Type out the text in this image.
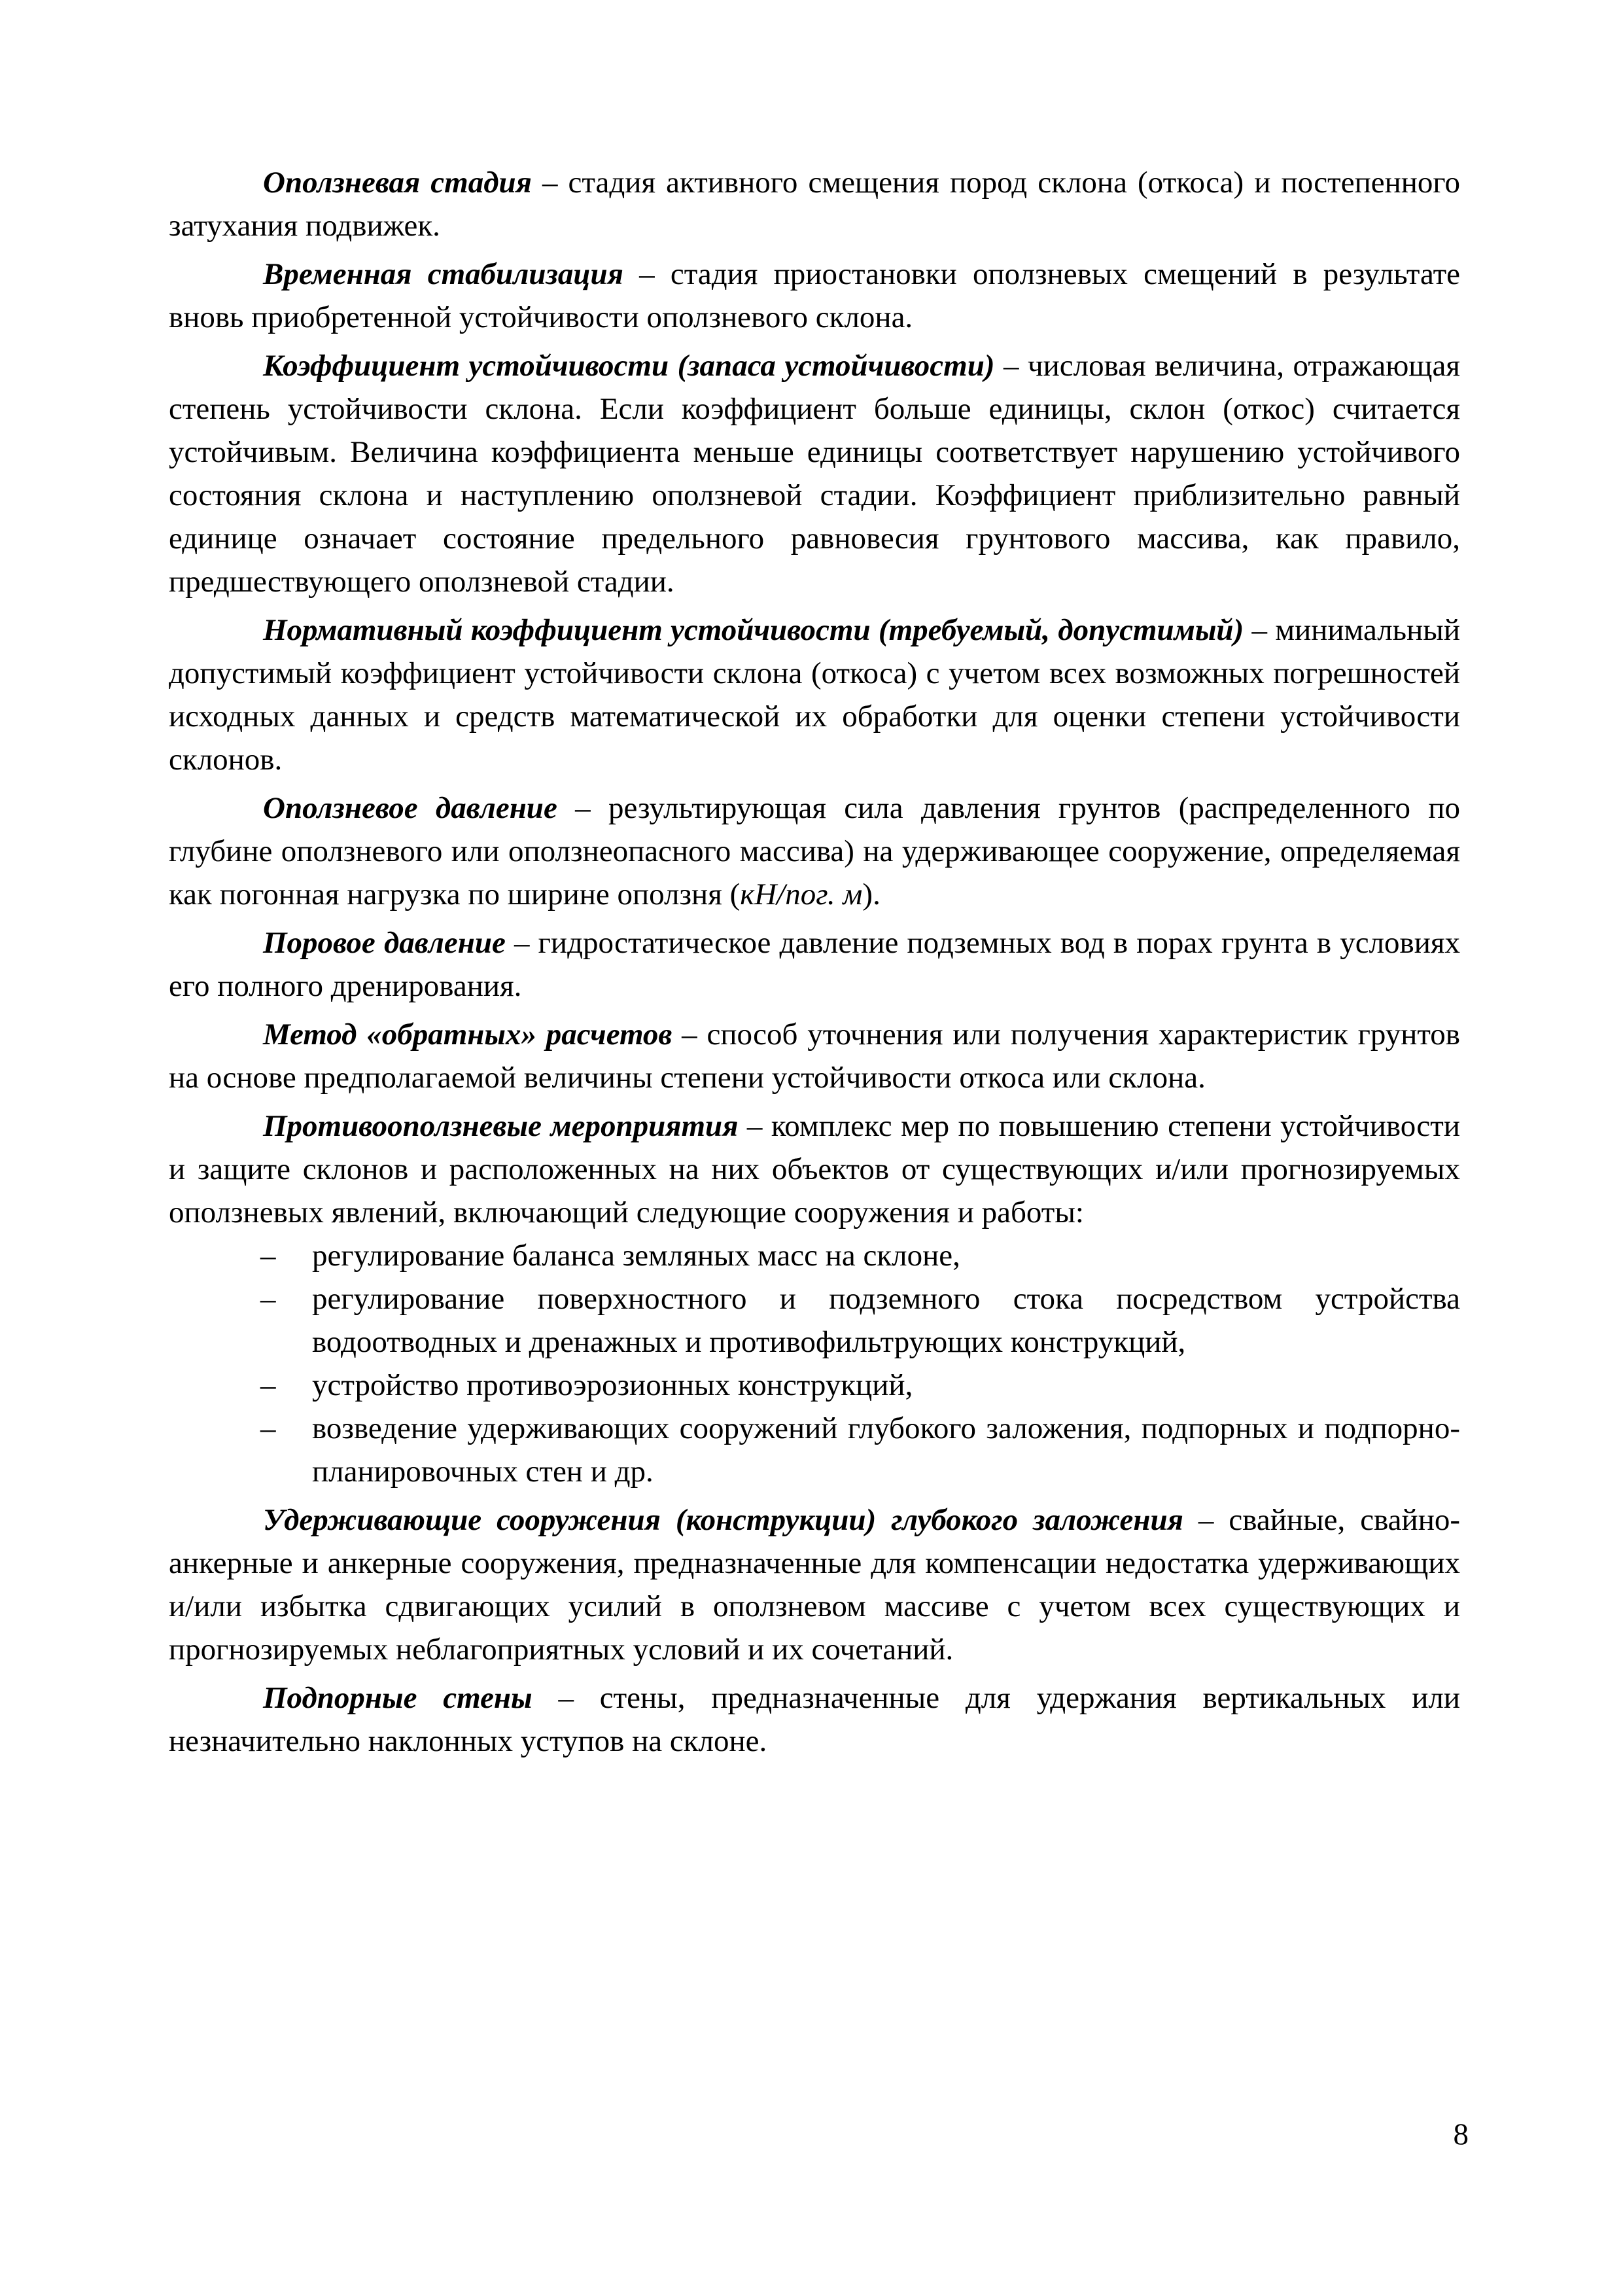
Оползневая стадия – стадия активного смещения пород склона (откоса) и постепенного затухания подвижек.

Временная стабилизация – стадия приостановки оползневых смещений в результате вновь приобретенной устойчивости оползневого склона.

Коэффициент устойчивости (запаса устойчивости) – числовая величина, отражающая степень устойчивости склона. Если коэффициент больше единицы, склон (откос) считается устойчивым. Величина коэффициента меньше единицы соответствует нарушению устойчивого состояния склона и наступлению оползневой стадии. Коэффициент приблизительно равный единице означает состояние предельного равновесия грунтового массива, как правило, предшествующего оползневой стадии.

Нормативный коэффициент устойчивости (требуемый, допустимый) – минимальный допустимый коэффициент устойчивости склона (откоса) с учетом всех возможных погрешностей исходных данных и средств математической их обработки для оценки степени устойчивости склонов.

Оползневое давление – результирующая сила давления грунтов (распределенного по глубине оползневого или оползнеопасного массива) на удерживающее сооружение, определяемая как погонная нагрузка по ширине оползня (кН/пог. м).

Поровое давление – гидростатическое давление подземных вод в порах грунта в условиях его полного дренирования.

Метод «обратных» расчетов – способ уточнения или получения характеристик грунтов на основе предполагаемой величины степени устойчивости откоса или склона.

Противооползневые мероприятия – комплекс мер по повышению степени устойчивости и защите склонов и расположенных на них объектов от существующих и/или прогнозируемых оползневых явлений, включающий следующие сооружения и работы:

– регулирование баланса земляных масс на склоне,
– регулирование поверхностного и подземного стока посредством устройства водоотводных и дренажных и противофильтрующих конструкций,
– устройство противоэрозионных конструкций,
– возведение удерживающих сооружений глубокого заложения, подпорных и подпорно-планировочных стен и др.

Удерживающие сооружения (конструкции) глубокого заложения – свайные, свайно-анкерные и анкерные сооружения, предназначенные для компенсации недостатка удерживающих и/или избытка сдвигающих усилий в оползневом массиве с учетом всех существующих и прогнозируемых неблагоприятных условий и их сочетаний.

Подпорные стены – стены, предназначенные для удержания вертикальных или незначительно наклонных уступов на склоне.

8
